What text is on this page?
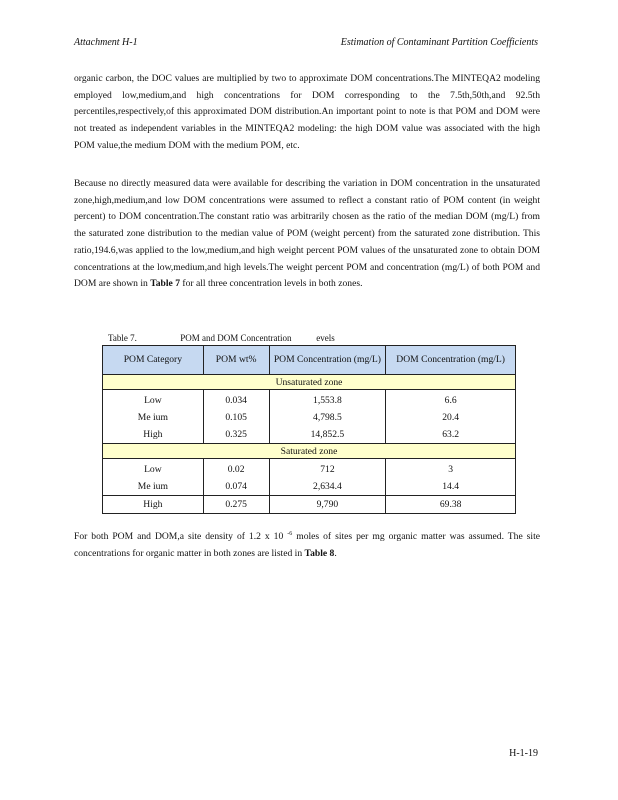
Attachment H-1	Estimation of Contaminant Partition Coefficients

organic carbon, the DOC values are multiplied by two to approximate DOM concentrations.The MINTEQA2 modeling employed low,medium,and high concentrations for DOM corresponding to the 7.5th,50th,and 92.5th percentiles,respectively,of this approximated DOM distribution.An important point to note is that POM and DOM were not treated as independent variables in the MINTEQA2 modeling: the high DOM value was associated with the high POM value,the medium DOM with the medium POM, etc.

Because no directly measured data were available for describing the variation in DOM concentration in the unsaturated zone,high,medium,and low DOM concentrations were assumed to reflect a constant ratio of POM content (in weight percent) to DOM concentration.The constant ratio was arbitrarily chosen as the ratio of the median DOM (mg/L) from the saturated zone distribution to the median value of POM (weight percent) from the saturated zone distribution. This ratio,194.6,was applied to the low,medium,and high weight percent POM values of the unsaturated zone to obtain DOM concentrations at the low,medium,and high levels.The weight percent POM and concentration (mg/L) of both POM and DOM are shown in Table 7 for all three concentration levels in both zones.

Table 7.	POM and DOM Concentration           evels
POM Category	POM wt%	POM Concentration (mg/L)	DOM Concentration (mg/L)
Unsaturated zone			
Low	0.034	1,553.8	6.6
Me ium	0.105	4,798.5	20.4
High	0.325	14,852.5	63.2
Saturated zone			
Low	0.02	712	3
Me ium	0.074	2,634.4	14.4
High	0.275	9,790	69.38

For both POM and DOM,a site density of 1.2 x 10 $^{-6}$ moles of sites per mg organic matter was assumed. The site concentrations for organic matter in both zones are listed in Table 8.

H-1-19
